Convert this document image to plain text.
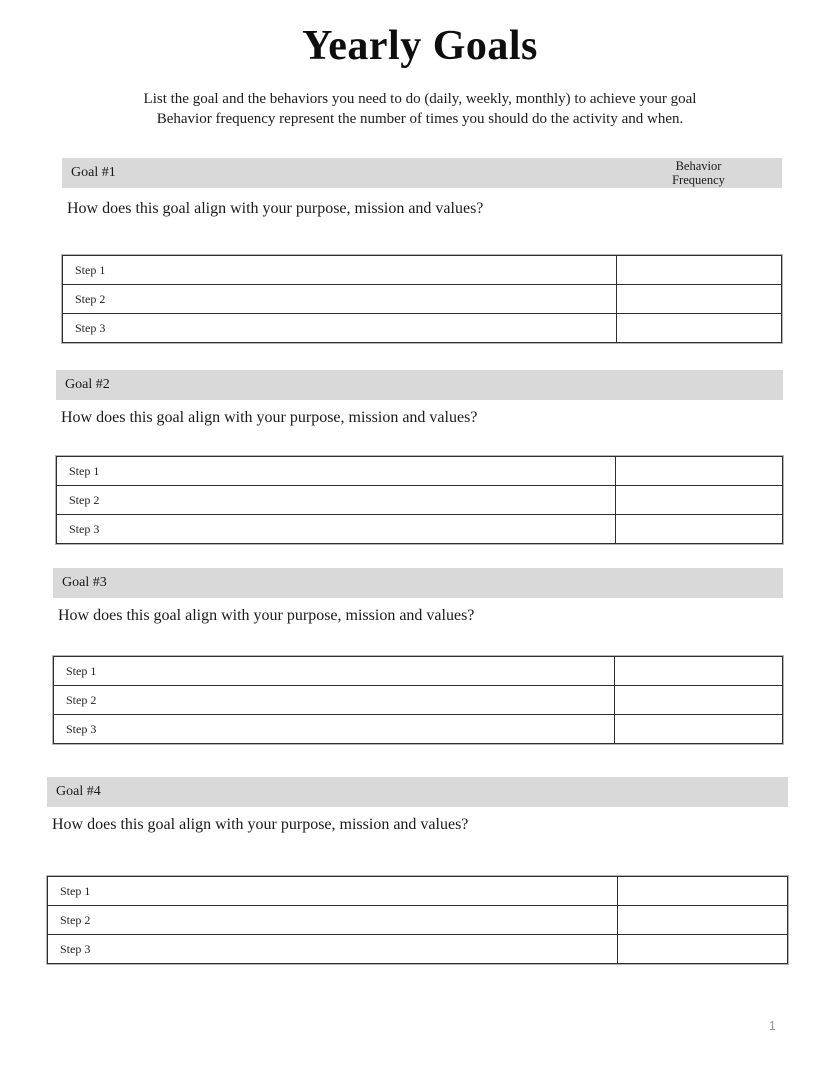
Yearly Goals
List the goal and the behaviors you need to do (daily, weekly, monthly) to achieve your goal
Behavior frequency represent the number of times you should do the activity and when.
Goal #1	Behavior
Frequency
How does this goal align with your purpose, mission and values?
Step 1	
Step 2	
Step 3	
Goal #2
How does this goal align with your purpose, mission and values?
Step 1	
Step 2	
Step 3	
Goal #3
How does this goal align with your purpose, mission and values?
Step 1	
Step 2	
Step 3	
Goal #4
How does this goal align with your purpose, mission and values?
Step 1	
Step 2	
Step 3	
1
